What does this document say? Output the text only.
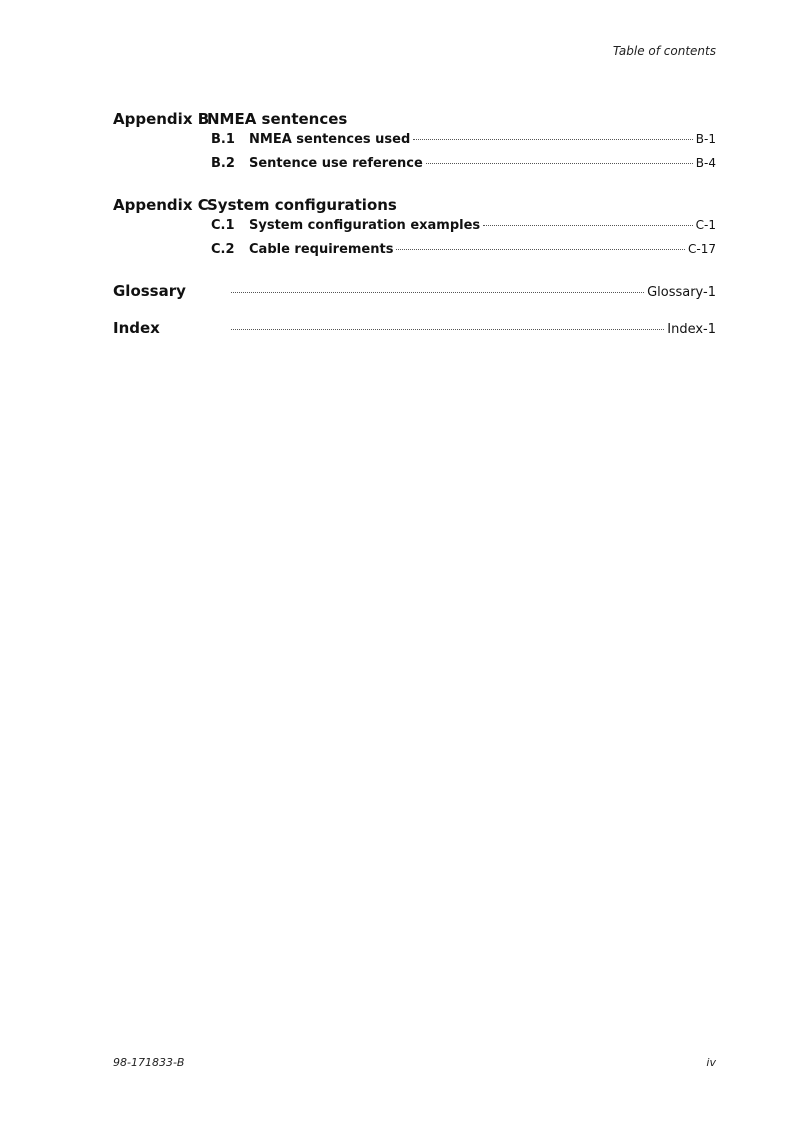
Table of contents
Appendix B
NMEA sentences
B.1	NMEA sentences used	B-1
B.2	Sentence use reference	B-4
Appendix C
System configurations
C.1	System configuration examples	C-1
C.2	Cable requirements	C-17
Glossary	Glossary-1
Index	Index-1
98-171833-B	iv
